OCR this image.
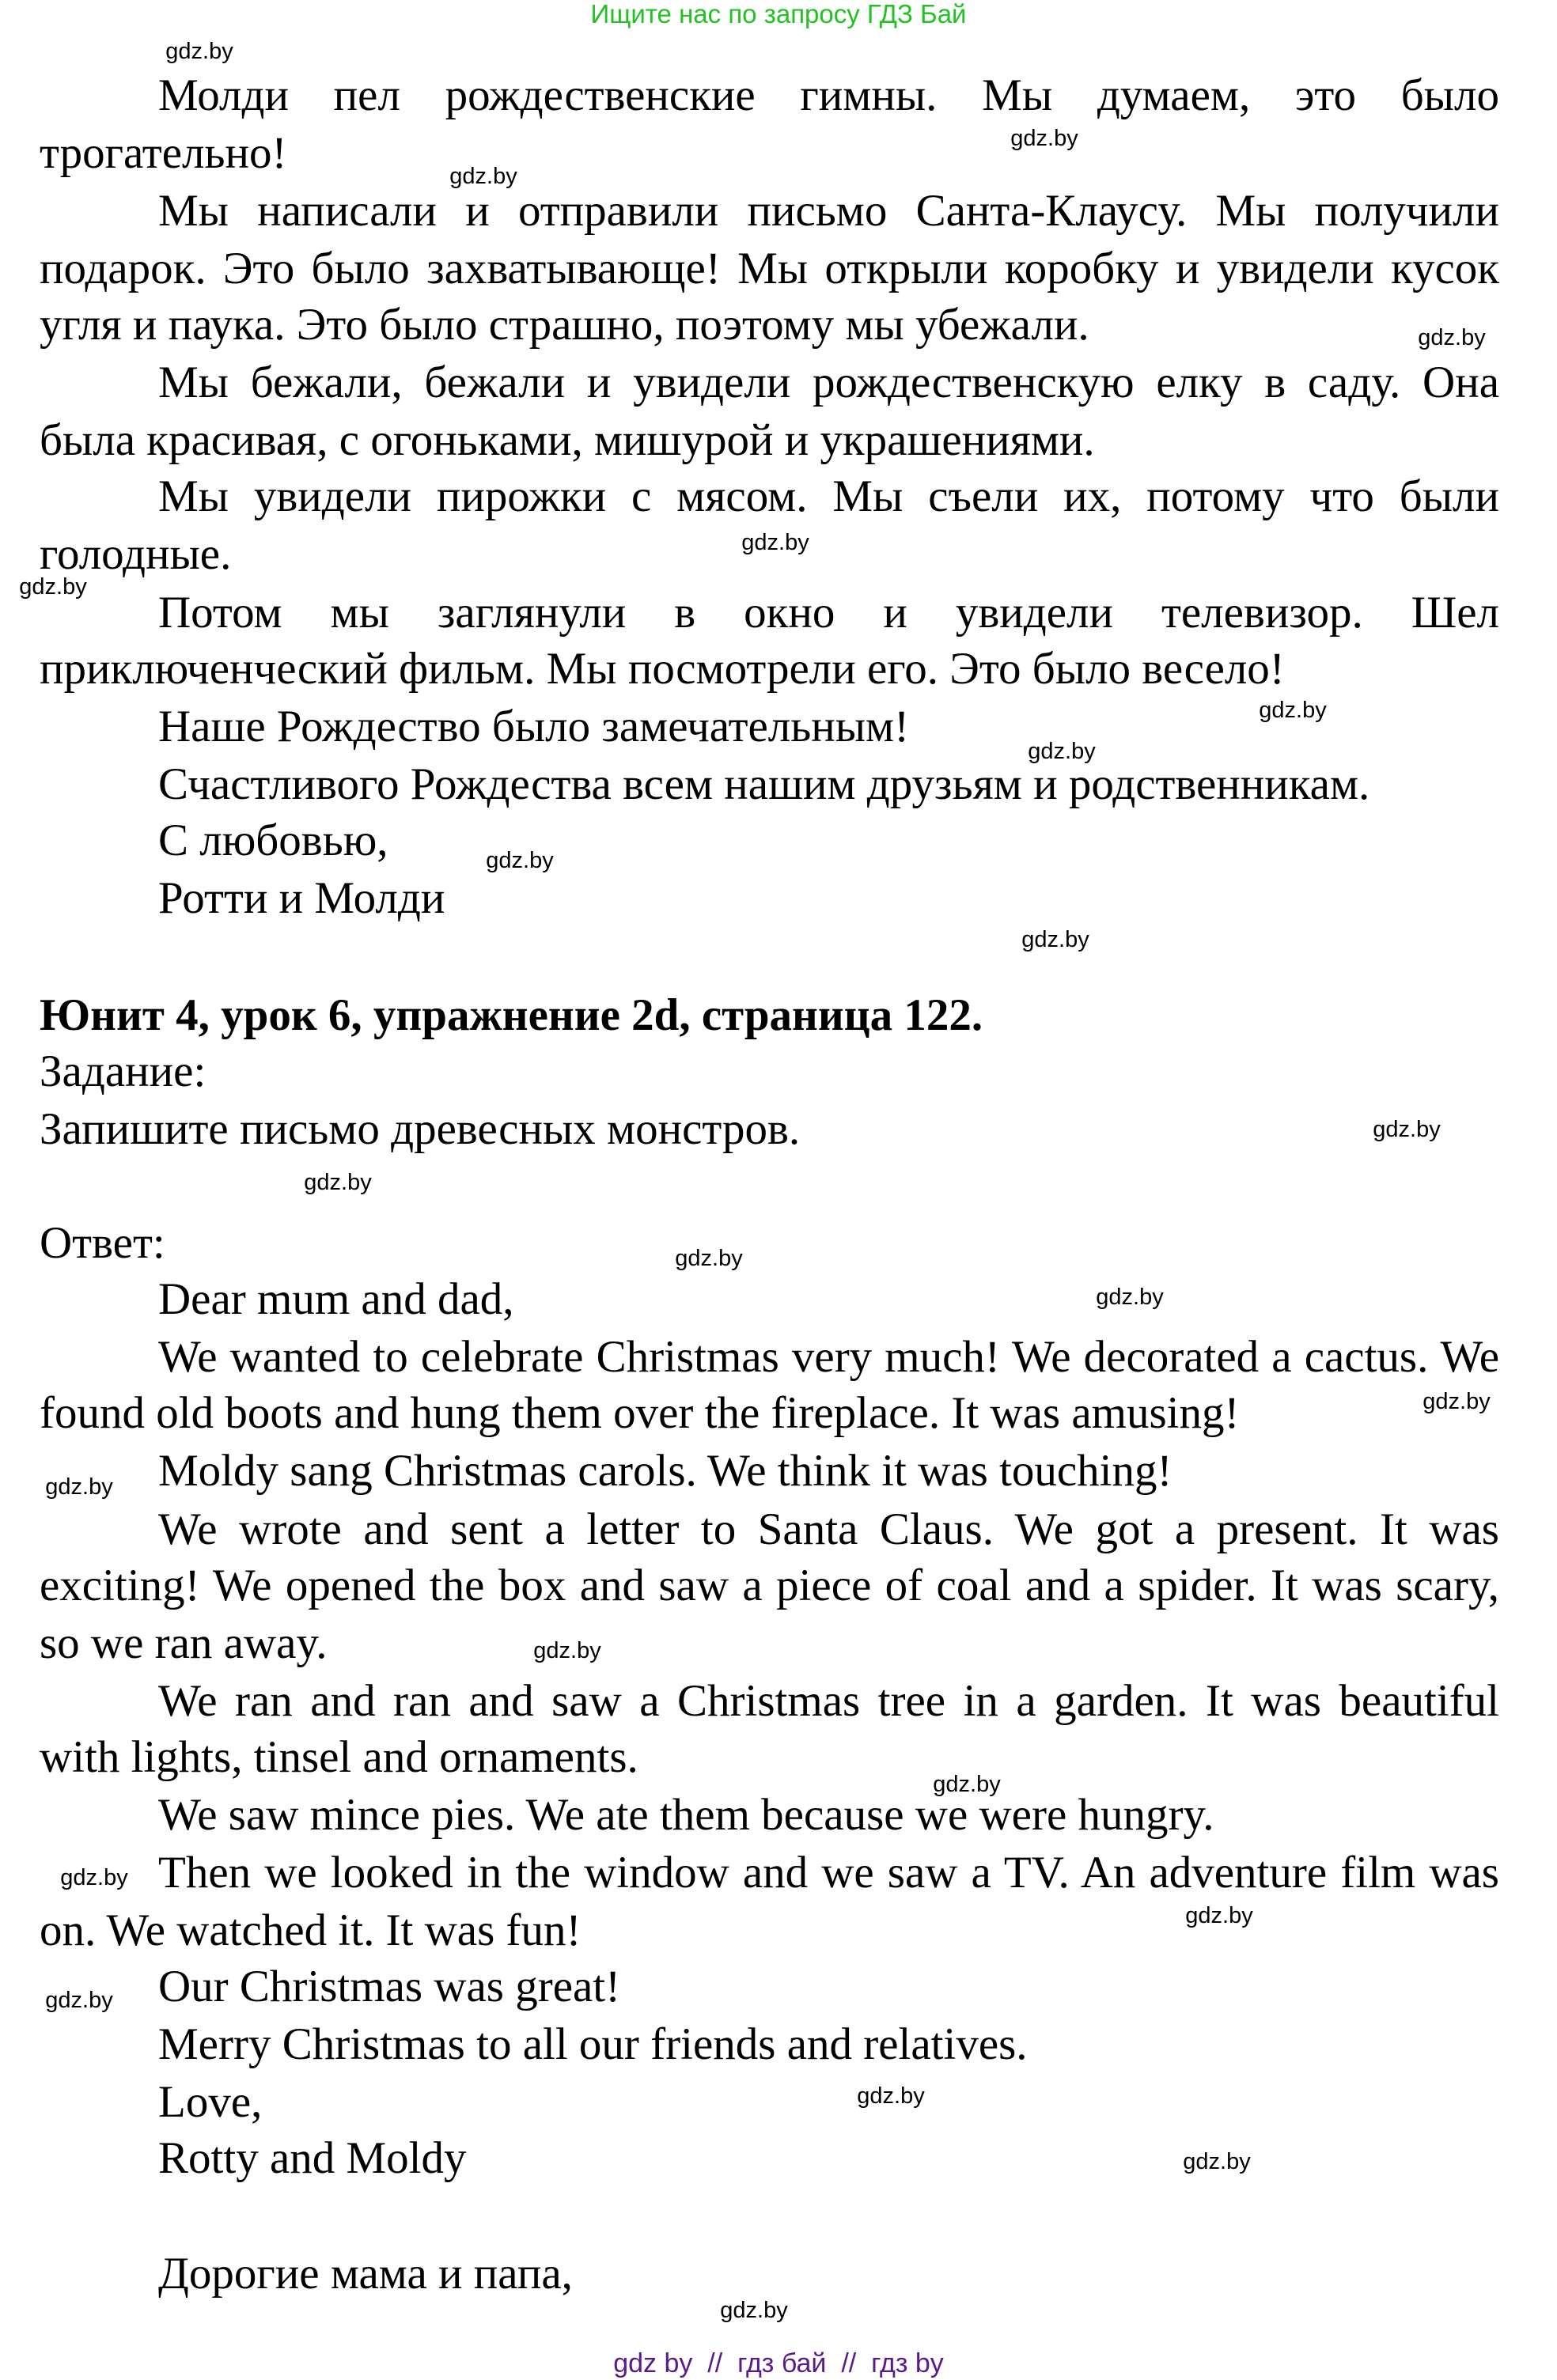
Ищите нас по запросу ГДЗ Бай
Молди пел рождественские гимны. Мы думаем, это было
трогательно!
Мы написали и отправили письмо Санта-Клаусу. Мы получили
подарок. Это было захватывающе! Мы открыли коробку и увидели кусок
угля и паука. Это было страшно, поэтому мы убежали.
Мы бежали, бежали и увидели рождественскую елку в саду. Она
была красивая, с огоньками, мишурой и украшениями.
Мы увидели пирожки с мясом. Мы съели их, потому что были
голодные.
Потом мы заглянули в окно и увидели телевизор. Шел
приключенческий фильм. Мы посмотрели его. Это было весело!
Наше Рождество было замечательным!
Счастливого Рождества всем нашим друзьям и родственникам.
С любовью,
Ротти и Молди
Юнит 4, урок 6, упражнение 2d, страница 122.
Задание:
Запишите письмо древесных монстров.
Ответ:
Dear mum and dad,
We wanted to celebrate Christmas very much! We decorated a cactus. We
found old boots and hung them over the fireplace. It was amusing!
Moldy sang Christmas carols. We think it was touching!
We wrote and sent a letter to Santa Claus. We got a present. It was
exciting! We opened the box and saw a piece of coal and a spider. It was scary,
so we ran away.
We ran and ran and saw a Christmas tree in a garden. It was beautiful
with lights, tinsel and ornaments.
We saw mince pies. We ate them because we were hungry.
Then we looked in the window and we saw a TV. An adventure film was
on. We watched it. It was fun!
Our Christmas was great!
Merry Christmas to all our friends and relatives.
Love,
Rotty and Moldy
Дорогие мама и папа,
gdz.by
gdz.by
gdz.by
gdz.by
gdz.by
gdz.by
gdz.by
gdz.by
gdz.by
gdz.by
gdz.by
gdz.by
gdz.by
gdz.by
gdz.by
gdz.by
gdz.by
gdz.by
gdz.by
gdz.by
gdz.by
gdz.by
gdz.by
gdz.by
gdz by  //  гдз бай  //  гдз by
